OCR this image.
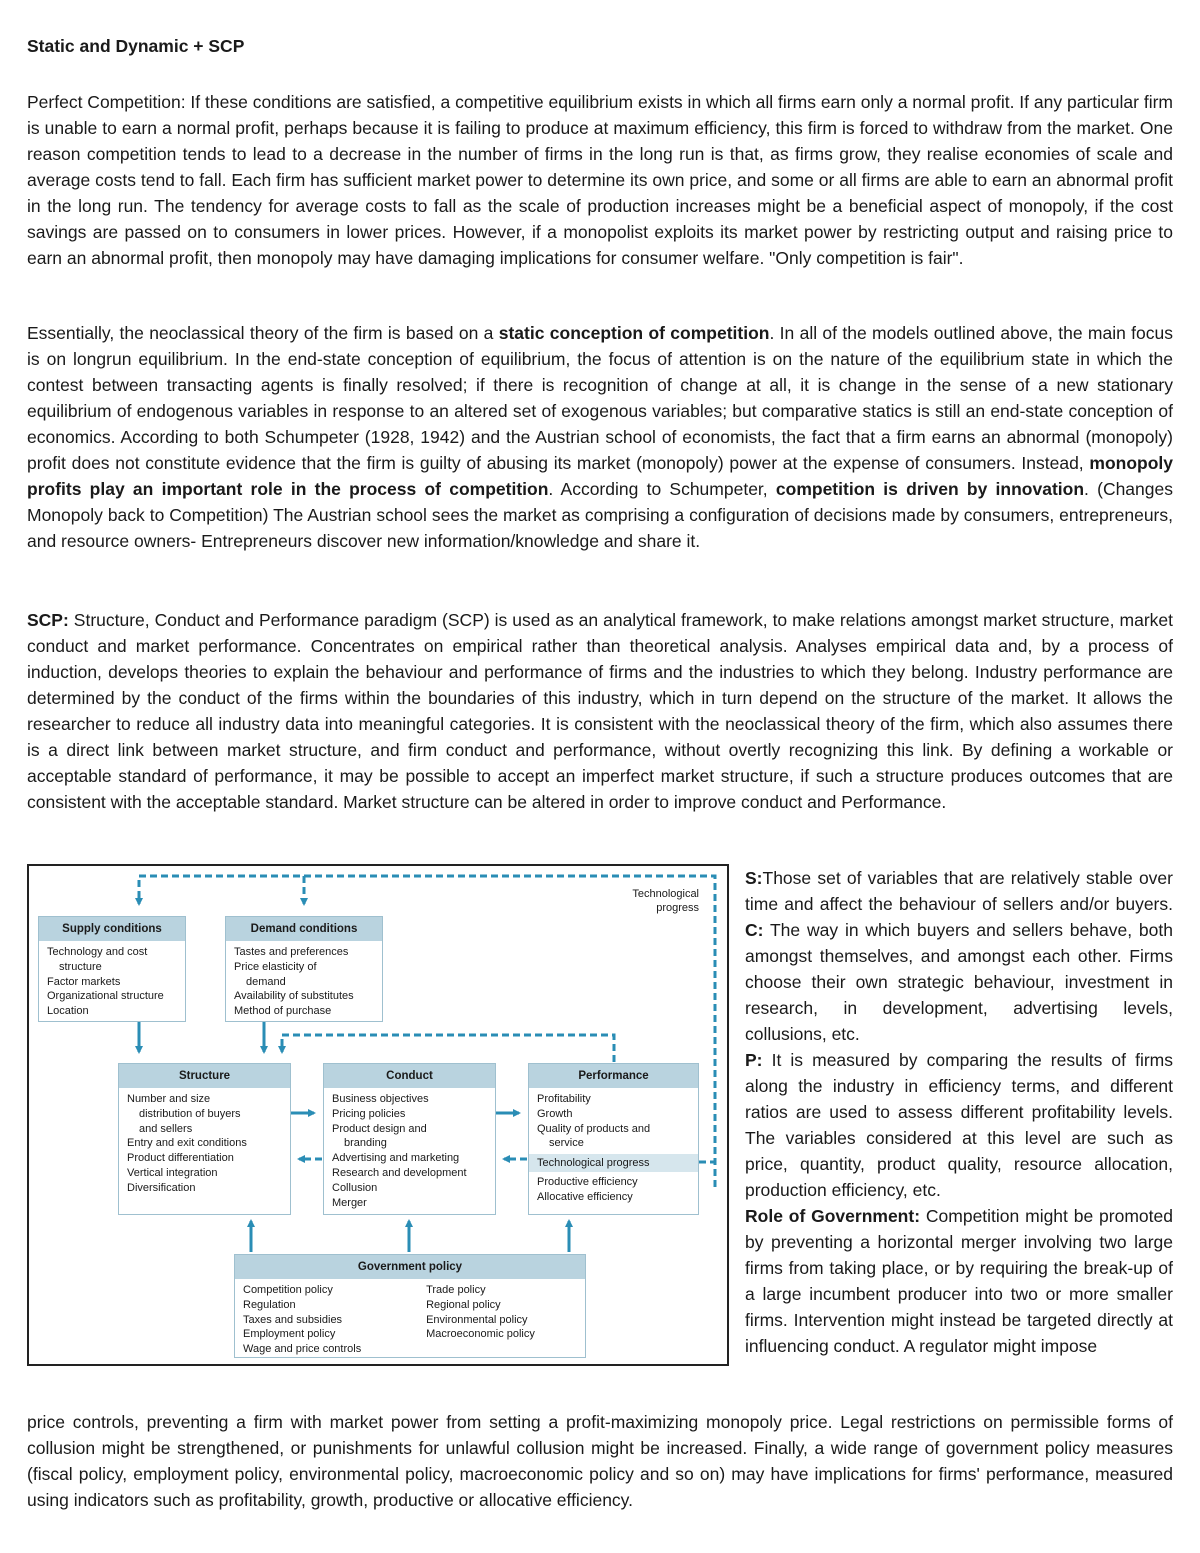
Static and Dynamic + SCP

Perfect Competition: If these conditions are satisfied, a competitive equilibrium exists in which all firms earn only a normal profit. If any particular firm is unable to earn a normal profit, perhaps because it is failing to produce at maximum efficiency, this firm is forced to withdraw from the market. One reason competition tends to lead to a decrease in the number of firms in the long run is that, as firms grow, they realise economies of scale and average costs tend to fall. Each firm has sufficient market power to determine its own price, and some or all firms are able to earn an abnormal profit in the long run. The tendency for average costs to fall as the scale of production increases might be a beneficial aspect of monopoly, if the cost savings are passed on to consumers in lower prices. However, if a monopolist exploits its market power by restricting output and raising price to earn an abnormal profit, then monopoly may have damaging implications for consumer welfare. "Only competition is fair".

Essentially, the neoclassical theory of the firm is based on a static conception of competition. In all of the models outlined above, the main focus is on longrun equilibrium. In the end-state conception of equilibrium, the focus of attention is on the nature of the equilibrium state in which the contest between transacting agents is finally resolved; if there is recognition of change at all, it is change in the sense of a new stationary equilibrium of endogenous variables in response to an altered set of exogenous variables; but comparative statics is still an end-state conception of economics. According to both Schumpeter (1928, 1942) and the Austrian school of economists, the fact that a firm earns an abnormal (monopoly) profit does not constitute evidence that the firm is guilty of abusing its market (monopoly) power at the expense of consumers. Instead, monopoly profits play an important role in the process of competition. According to Schumpeter, competition is driven by innovation. (Changes Monopoly back to Competition) The Austrian school sees the market as comprising a configuration of decisions made by consumers, entrepreneurs, and resource owners- Entrepreneurs discover new information/knowledge and share it.

SCP: Structure, Conduct and Performance paradigm (SCP) is used as an analytical framework, to make relations amongst market structure, market conduct and market performance. Concentrates on empirical rather than theoretical analysis. Analyses empirical data and, by a process of induction, develops theories to explain the behaviour and performance of firms and the industries to which they belong. Industry performance are determined by the conduct of the firms within the boundaries of this industry, which in turn depend on the structure of the market. It allows the researcher to reduce all industry data into meaningful categories. It is consistent with the neoclassical theory of the firm, which also assumes there is a direct link between market structure, and firm conduct and performance, without overtly recognizing this link. By defining a workable or acceptable standard of performance, it may be possible to accept an imperfect market structure, if such a structure produces outcomes that are consistent with the acceptable standard. Market structure can be altered in order to improve conduct and Performance.

S:Those set of variables that are relatively stable over time and affect the behaviour of sellers and/or buyers. C: The way in which buyers and sellers behave, both amongst themselves, and amongst each other. Firms choose their own strategic behaviour, investment in research, in development, advertising levels, collusions, etc.
P: It is measured by comparing the results of firms along the industry in efficiency terms, and different ratios are used to assess different profitability levels. The variables considered at this level are such as price, quantity, product quality, resource allocation, production efficiency, etc.
Role of Government: Competition might be promoted by preventing a horizontal merger involving two large firms from taking place, or by requiring the break-up of a large incumbent producer into two or more smaller firms. Intervention might instead be targeted directly at influencing conduct. A regulator might impose

price controls, preventing a firm with market power from setting a profit-maximizing monopoly price. Legal restrictions on permissible forms of collusion might be strengthened, or punishments for unlawful collusion might be increased. Finally, a wide range of government policy measures (fiscal policy, employment policy, environmental policy, macroeconomic policy and so on) may have implications for firms' performance, measured using indicators such as profitability, growth, productive or allocative efficiency.

Technological
progress
Supply conditions
Technology and cost
structure
Factor markets
Organizational structure
Location
Demand conditions
Tastes and preferences
Price elasticity of
demand
Availability of substitutes
Method of purchase
Structure
Number and size
distribution of buyers
and sellers
Entry and exit conditions
Product differentiation
Vertical integration
Diversification
Conduct
Business objectives
Pricing policies
Product design and
branding
Advertising and marketing
Research and development
Collusion
Merger
Performance
Profitability
Growth
Quality of products and
service
Technological progress
Productive efficiency
Allocative efficiency
Government policy
Competition policy
Regulation
Taxes and subsidies
Employment policy
Wage and price controls

Trade policy
Regional policy
Environmental policy
Macroeconomic policy
